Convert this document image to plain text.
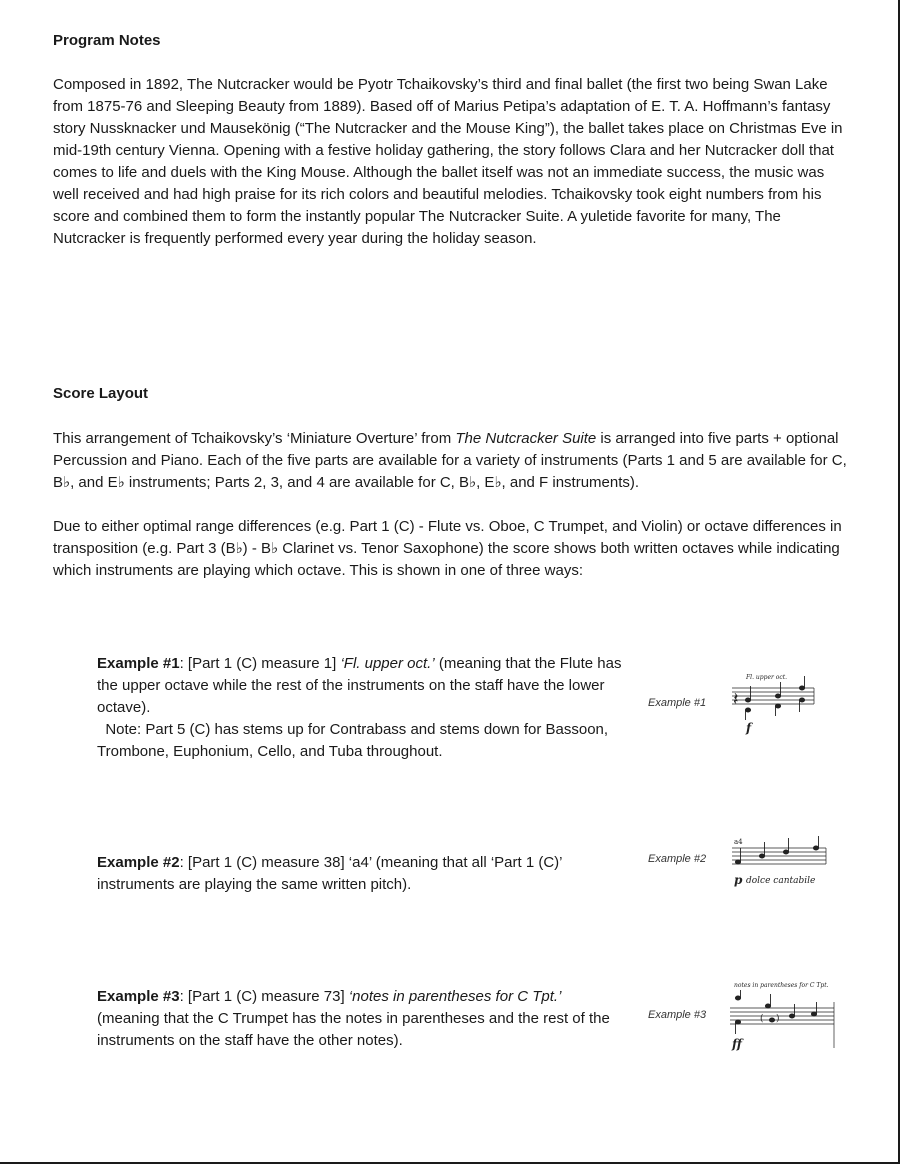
Program Notes

Composed in 1892, The Nutcracker would be Pyotr Tchaikovsky’s third and final ballet (the first two being Swan Lake from 1875-76 and Sleeping Beauty from 1889). Based off of Marius Petipa’s adaptation of E. T. A. Hoffmann’s fantasy story Nussknacker und Mausekönig (“The Nutcracker and the Mouse King”), the ballet takes place on Christmas Eve in mid-19th century Vienna. Opening with a festive holiday gathering, the story follows Clara and her Nutcracker doll that comes to life and duels with the King Mouse. Although the ballet itself was not an immediate success, the music was well received and had high praise for its rich colors and beautiful melodies. Tchaikovsky took eight numbers from his score and combined them to form the instantly popular The Nutcracker Suite. A yuletide favorite for many, The Nutcracker is frequently performed every year during the holiday season.

Score Layout

This arrangement of Tchaikovsky’s ‘Miniature Overture’ from The Nutcracker Suite is arranged into five parts + optional Percussion and Piano. Each of the five parts are available for a variety of instruments (Parts 1 and 5 are available for C, B♭, and E♭ instruments; Parts 2, 3, and 4 are available for C, B♭, E♭, and F instruments).

Due to either optimal range differences (e.g. Part 1 (C) - Flute vs. Oboe, C Trumpet, and Violin) or octave differences in transposition (e.g. Part 3 (B♭) - B♭ Clarinet vs. Tenor Saxophone) the score shows both written octaves while indicating which instruments are playing which octave. This is shown in one of three ways:

Example #1: [Part 1 (C) measure 1] ‘Fl. upper oct.’ (meaning that the Flute has the upper octave while the rest of the instruments on the staff have the lower octave).
Note: Part 5 (C) has stems up for Contrabass and stems down for Bassoon, Trombone, Euphonium, Cello, and Tuba throughout.

Example #1
Fl. upper oct.
𝄽
f

Example #2: [Part 1 (C) measure 38] ‘a4’ (meaning that all ‘Part 1 (C)’ instruments are playing the same written pitch).

Example #2
a4
p dolce cantabile

Example #3: [Part 1 (C) measure 73] ‘notes in parentheses for C Tpt.’ (meaning that the C Trumpet has the notes in parentheses and the rest of the instruments on the staff have the other notes).

Example #3
notes in parentheses for C Tpt.
( )
ff
